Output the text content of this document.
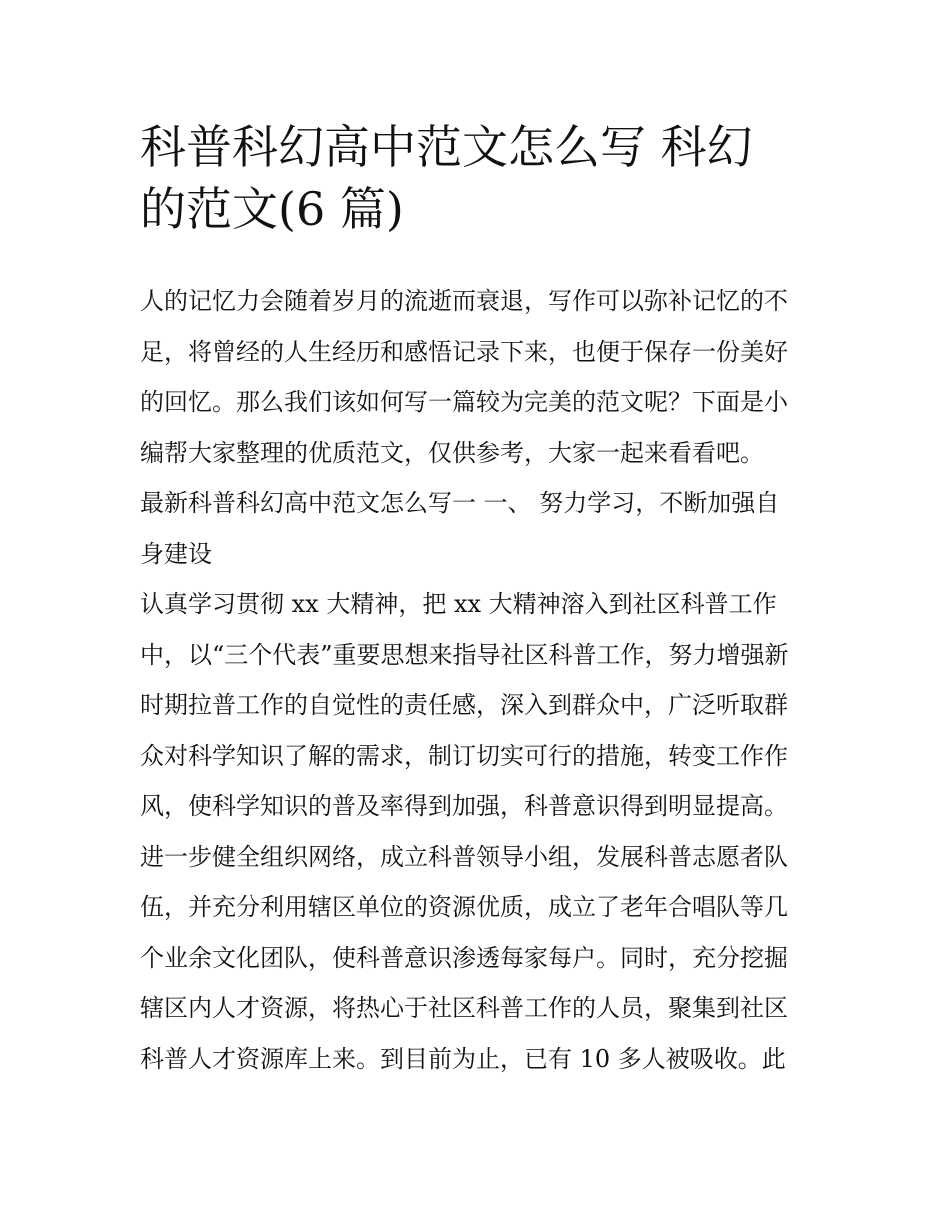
科普科幻高中范文怎么写 科幻
的范文(6 篇)
人的记忆力会随着岁月的流逝而衰退，写作可以弥补记忆的不
足，将曾经的人生经历和感悟记录下来，也便于保存一份美好
的回忆。那么我们该如何写一篇较为完美的范文呢？下面是小
编帮大家整理的优质范文，仅供参考，大家一起来看看吧。
最新科普科幻高中范文怎么写一 一、 努力学习，不断加强自
身建设
认真学习贯彻 xx 大精神，把 xx 大精神溶入到社区科普工作
中，以“三个代表”重要思想来指导社区科普工作，努力增强新
时期拉普工作的自觉性的责任感，深入到群众中，广泛听取群
众对科学知识了解的需求，制订切实可行的措施，转变工作作
风，使科学知识的普及率得到加强，科普意识得到明显提高。
进一步健全组织网络，成立科普领导小组，发展科普志愿者队
伍，并充分利用辖区单位的资源优质，成立了老年合唱队等几
个业余文化团队，使科普意识渗透每家每户。同时，充分挖掘
辖区内人才资源，将热心于社区科普工作的人员，聚集到社区
科普人才资源库上来。到目前为止，已有 10 多人被吸收。此
